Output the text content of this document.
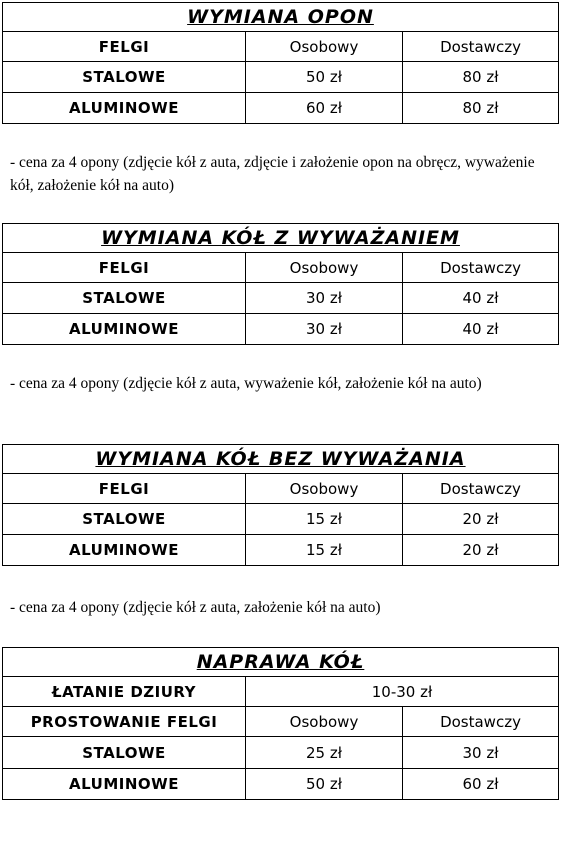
WYMIANA OPON		
FELGI	Osobowy	Dostawczy
STALOWE	50 zł	80 zł
ALUMINOWE	60 zł	80 zł

- cena za 4 opony (zdjęcie kół z auta, zdjęcie i założenie opon na obręcz, wyważenie kół, założenie kół na auto)

WYMIANA KÓŁ Z WYWAŻANIEM		
FELGI	Osobowy	Dostawczy
STALOWE	30 zł	40 zł
ALUMINOWE	30 zł	40 zł

- cena za 4 opony (zdjęcie kół z auta, wyważenie kół, założenie kół na auto)

WYMIANA KÓŁ BEZ WYWAŻANIA		
FELGI	Osobowy	Dostawczy
STALOWE	15 zł	20 zł
ALUMINOWE	15 zł	20 zł

- cena za 4 opony (zdjęcie kół z auta, założenie kół na auto)

NAPRAWA KÓŁ		
ŁATANIE DZIURY	10-30 zł	
PROSTOWANIE FELGI	Osobowy	Dostawczy
STALOWE	25 zł	30 zł
ALUMINOWE	50 zł	60 zł
